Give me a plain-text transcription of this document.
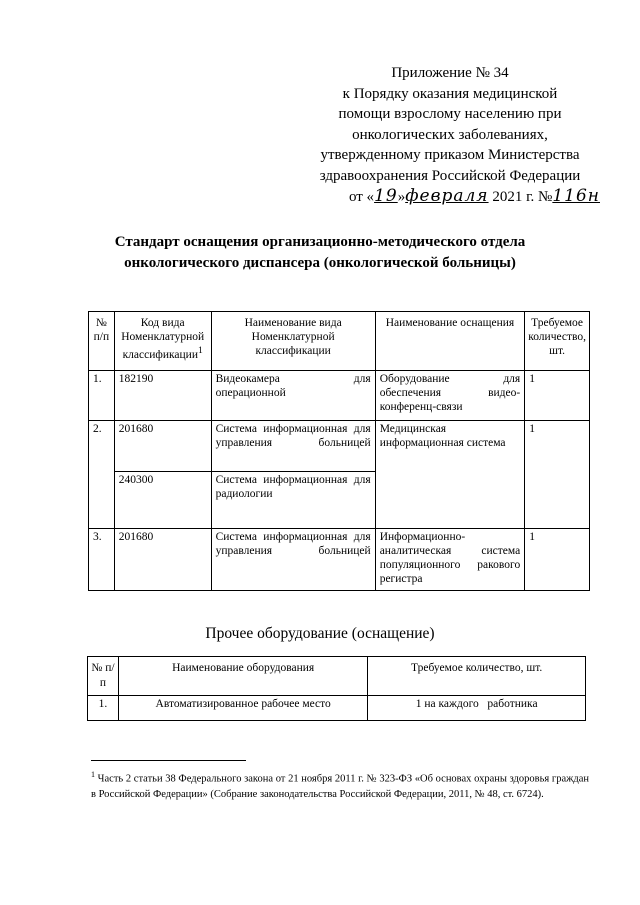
Приложение № 34
к Порядку оказания медицинской
помощи взрослому населению при
онкологических заболеваниях,
утвержденному приказом Министерства
здравоохранения Российской Федерации
от «19»февраля 2021 г. №116н
Стандарт оснащения организационно-методического отдела
онкологического диспансера (онкологической больницы)
№ п/п	Код вида Номенклатурной классификации$^1$	Наименование вида Номенклатурной классификации	Наименование оснащения	Требуемое количество, шт.
1.	182190	Видеокамера для операционной	Оборудование для обеспечения видео-конференц-связи	1
2.	201680	Система информационная для управления больницей	Медицинская информационная система	1
	240300	Система информационная для радиологии		
3.	201680	Система информационная для управления больницей	Информационно-аналитическая система популяционного ракового регистра	1
Прочее оборудование (оснащение)
№ п/п	Наименование оборудования	Требуемое количество, шт.
1.	Автоматизированное рабочее место	1 на каждого   работника
$^1$ Часть 2 статьи 38 Федерального закона от 21 ноября 2011 г. № 323-ФЗ «Об основах охраны здоровья граждан в Российской Федерации» (Собрание законодательства Российской Федерации, 2011, № 48, ст. 6724).
